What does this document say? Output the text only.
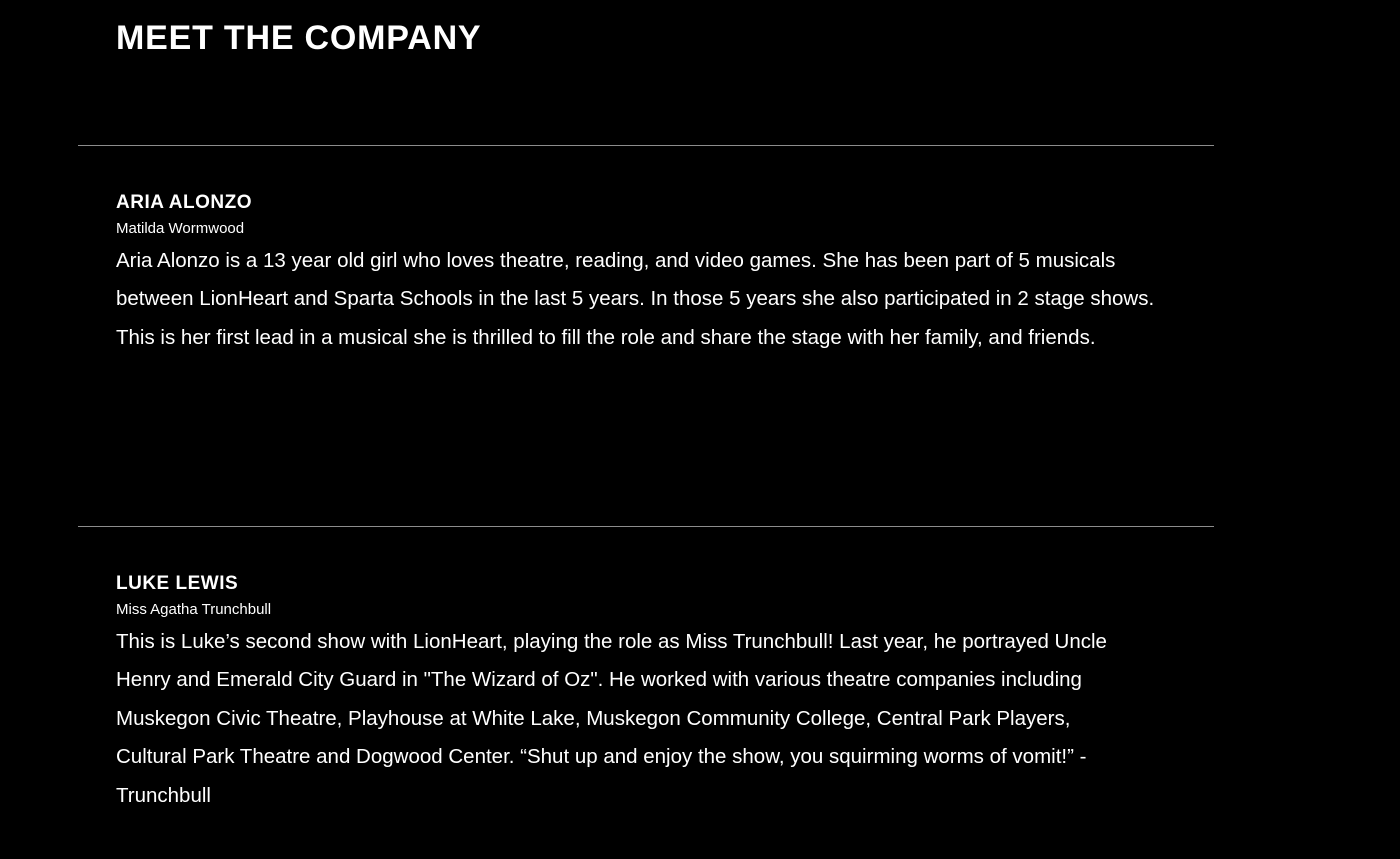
MEET THE COMPANY
ARIA ALONZO
Matilda Wormwood

Aria Alonzo is a 13 year old girl who loves theatre, reading, and video games. She has been part of 5 musicals between LionHeart and Sparta Schools in the last 5 years. In those 5 years she also participated in 2 stage shows. This is her first lead in a musical she is thrilled to fill the role and share the stage with her family, and friends.

LUKE LEWIS
Miss Agatha Trunchbull

This is Luke’s second show with LionHeart, playing the role as Miss Trunchbull! Last year, he portrayed Uncle Henry and Emerald City Guard in "The Wizard of Oz". He worked with various theatre companies including Muskegon Civic Theatre, Playhouse at White Lake, Muskegon Community College, Central Park Players, Cultural Park Theatre and Dogwood Center. “Shut up and enjoy the show, you squirming worms of vomit!” -Trunchbull
